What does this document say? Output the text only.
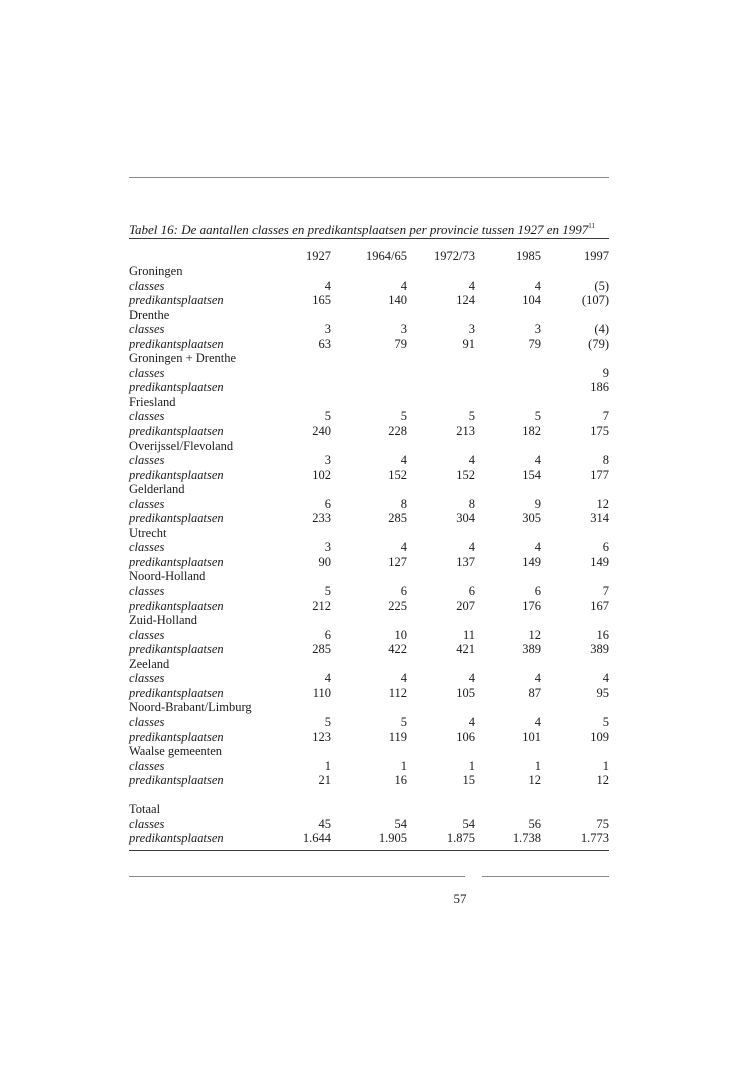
Tabel 16: De aantallen classes en predikantsplaatsen per provincie tussen 1927 en 1997$^{11}$
	1927	1964/65	1972/73	1985	1997
Groningen					
classes	4	4	4	4	(5)
predikantsplaatsen	165	140	124	104	(107)
Drenthe					
classes	3	3	3	3	(4)
predikantsplaatsen	63	79	91	79	(79)
Groningen + Drenthe					
classes					9
predikantsplaatsen					186
Friesland					
classes	5	5	5	5	7
predikantsplaatsen	240	228	213	182	175
Overijssel/Flevoland					
classes	3	4	4	4	8
predikantsplaatsen	102	152	152	154	177
Gelderland					
classes	6	8	8	9	12
predikantsplaatsen	233	285	304	305	314
Utrecht					
classes	3	4	4	4	6
predikantsplaatsen	90	127	137	149	149
Noord-Holland					
classes	5	6	6	6	7
predikantsplaatsen	212	225	207	176	167
Zuid-Holland					
classes	6	10	11	12	16
predikantsplaatsen	285	422	421	389	389
Zeeland					
classes	4	4	4	4	4
predikantsplaatsen	110	112	105	87	95
Noord-Brabant/Limburg					
classes	5	5	4	4	5
predikantsplaatsen	123	119	106	101	109
Waalse gemeenten					
classes	1	1	1	1	1
predikantsplaatsen	21	16	15	12	12

Totaal					
classes	45	54	54	56	75
predikantsplaatsen	1.644	1.905	1.875	1.738	1.773
57
